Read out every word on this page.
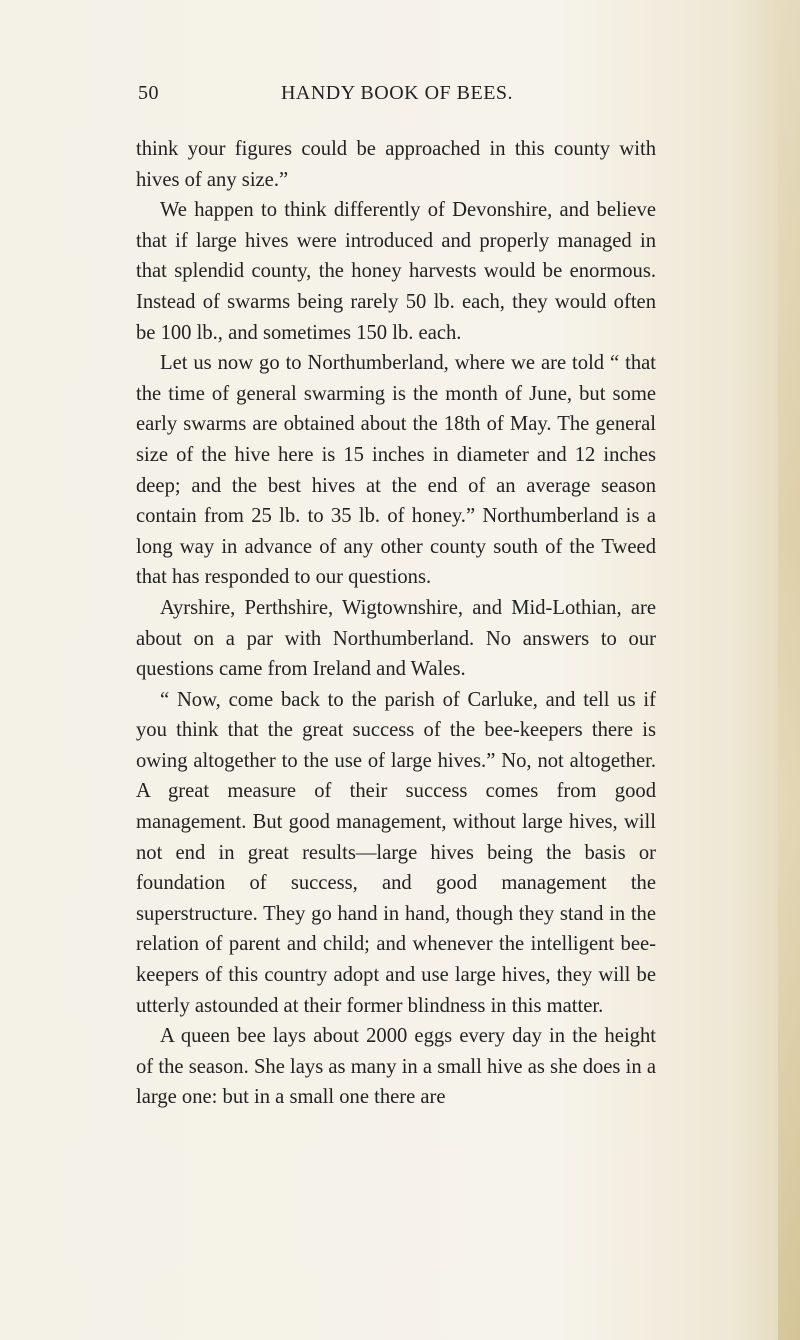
50	HANDY BOOK OF BEES.

think your figures could be approached in this county with hives of any size.”

We happen to think differently of Devonshire, and believe that if large hives were introduced and properly managed in that splendid county, the honey harvests would be enormous. Instead of swarms being rarely 50 lb. each, they would often be 100 lb., and sometimes 150 lb. each.

Let us now go to Northumberland, where we are told “ that the time of general swarming is the month of June, but some early swarms are obtained about the 18th of May. The general size of the hive here is 15 inches in diameter and 12 inches deep; and the best hives at the end of an average season contain from 25 lb. to 35 lb. of honey.” Northumberland is a long way in advance of any other county south of the Tweed that has responded to our questions.

Ayrshire, Perthshire, Wigtownshire, and Mid-Lothian, are about on a par with Northumberland. No answers to our questions came from Ireland and Wales.

“ Now, come back to the parish of Carluke, and tell us if you think that the great success of the bee-keepers there is owing altogether to the use of large hives.” No, not altogether. A great measure of their success comes from good management. But good management, without large hives, will not end in great results—large hives being the basis or foundation of success, and good management the superstructure. They go hand in hand, though they stand in the relation of parent and child; and whenever the intelligent bee-keepers of this country adopt and use large hives, they will be utterly astounded at their former blindness in this matter.

A queen bee lays about 2000 eggs every day in the height of the season. She lays as many in a small hive as she does in a large one: but in a small one there are
